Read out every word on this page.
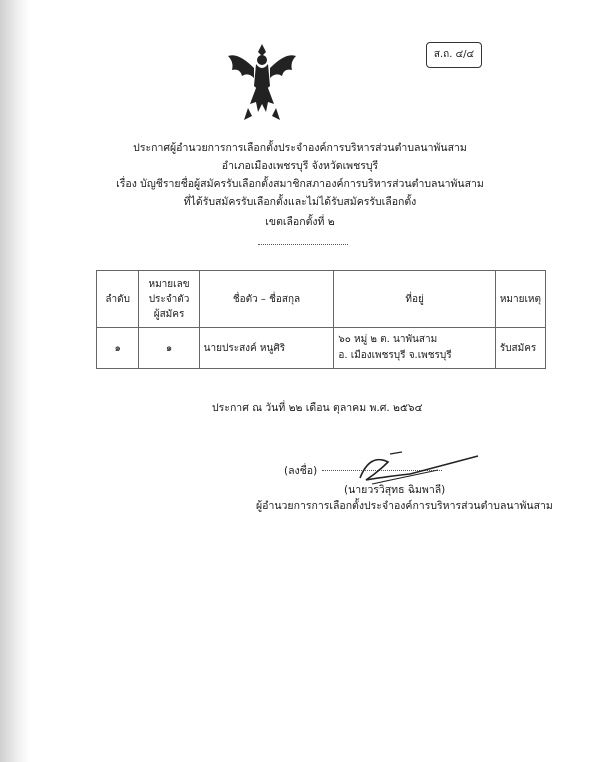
ส.ถ. ๔/๔
ประกาศผู้อำนวยการการเลือกตั้งประจำองค์การบริหารส่วนตำบลนาพันสาม
อำเภอเมืองเพชรบุรี จังหวัดเพชรบุรี
เรื่อง บัญชีรายชื่อผู้สมัครรับเลือกตั้งสมาชิกสภาองค์การบริหารส่วนตำบลนาพันสาม
ที่ได้รับสมัครรับเลือกตั้งและไม่ได้รับสมัครรับเลือกตั้ง
เขตเลือกตั้งที่ ๒
ลำดับ	หมายเลข
ประจำตัว
ผู้สมัคร	ชื่อตัว – ชื่อสกุล	ที่อยู่	หมายเหตุ
๑	๑	นายประสงค์ หนูศิริ	๖๐ หมู่ ๒ ต. นาพันสาม
อ. เมืองเพชรบุรี จ.เพชรบุรี	รับสมัคร
ประกาศ ณ วันที่ ๒๒ เดือน ตุลาคม พ.ศ. ๒๕๖๔
(ลงชื่อ)
(นายวรวิสุทธ ฉิมพาลี)
ผู้อำนวยการการเลือกตั้งประจำองค์การบริหารส่วนตำบลนาพันสาม
